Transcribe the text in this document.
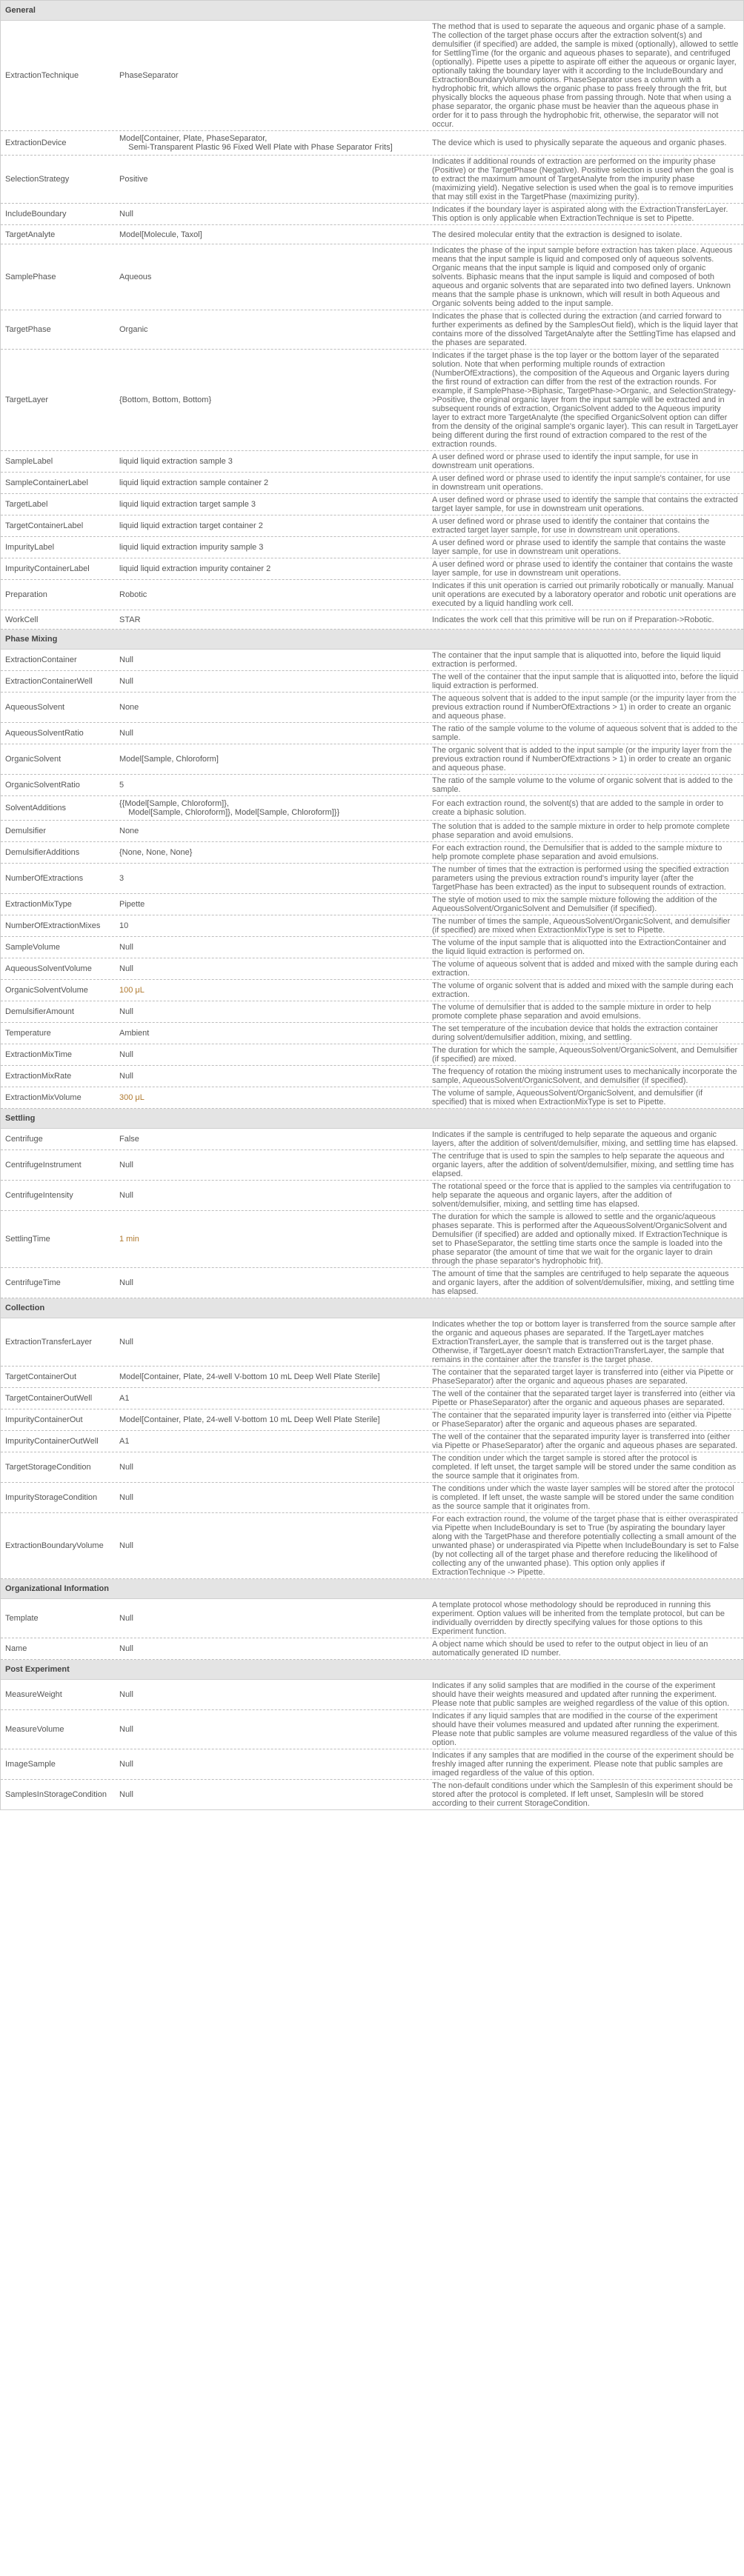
General
ExtractionTechnique	PhaseSeparator
The method that is used to separate the aqueous and organic phase of a sample. The collection of the target phase occurs after the extraction solvent(s) and demulsifier (if specified) are added, the sample is mixed (optionally), allowed to settle for SettlingTime (for the organic and aqueous phases to separate), and centrifuged (optionally). Pipette uses a pipette to aspirate off either the aqueous or organic layer, optionally taking the boundary layer with it according to the IncludeBoundary and ExtractionBoundaryVolume options. PhaseSeparator uses a column with a hydrophobic frit, which allows the organic phase to pass freely through the frit, but physically blocks the aqueous phase from passing through. Note that when using a phase separator, the organic phase must be heavier than the aqueous phase in order for it to pass through the hydrophobic frit, otherwise, the separator will not occur.
ExtractionDevice	Model[Container, Plate, PhaseSeparator,
Semi-Transparent Plastic 96 Fixed Well Plate with Phase Separator Frits]	The device which is used to physically separate the aqueous and organic phases.
SelectionStrategy	Positive
Indicates if additional rounds of extraction are performed on the impurity phase (Positive) or the TargetPhase (Negative). Positive selection is used when the goal is to extract the maximum amount of TargetAnalyte from the impurity phase (maximizing yield). Negative selection is used when the goal is to remove impurities that may still exist in the TargetPhase (maximizing purity).
IncludeBoundary	Null	Indicates if the boundary layer is aspirated along with the ExtractionTransferLayer. This option is only applicable when ExtractionTechnique is set to Pipette.
TargetAnalyte	Model[Molecule, Taxol]	The desired molecular entity that the extraction is designed to isolate.
SamplePhase	Aqueous
Indicates the phase of the input sample before extraction has taken place. Aqueous means that the input sample is liquid and composed only of aqueous solvents. Organic means that the input sample is liquid and composed only of organic solvents. Biphasic means that the input sample is liquid and composed of both aqueous and organic solvents that are separated into two defined layers. Unknown means that the sample phase is unknown, which will result in both Aqueous and Organic solvents being added to the input sample.
TargetPhase	Organic
Indicates the phase that is collected during the extraction (and carried forward to further experiments as defined by the SamplesOut field), which is the liquid layer that contains more of the dissolved TargetAnalyte after the SettlingTime has elapsed and the phases are separated.
TargetLayer	{Bottom, Bottom, Bottom}
Indicates if the target phase is the top layer or the bottom layer of the separated solution. Note that when performing multiple rounds of extraction (NumberOfExtractions), the composition of the Aqueous and Organic layers during the first round of extraction can differ from the rest of the extraction rounds. For example, if SamplePhase->Biphasic, TargetPhase->Organic, and SelectionStrategy->Positive, the original organic layer from the input sample will be extracted and in subsequent rounds of extraction, OrganicSolvent added to the Aqueous impurity layer to extract more TargetAnalyte (the specified OrganicSolvent option can differ from the density of the original sample's organic layer). This can result in TargetLayer being different during the first round of extraction compared to the rest of the extraction rounds.
SampleLabel	liquid liquid extraction sample 3	A user defined word or phrase used to identify the input sample, for use in downstream unit operations.
SampleContainerLabel	liquid liquid extraction sample container 2	A user defined word or phrase used to identify the input sample's container, for use in downstream unit operations.
TargetLabel	liquid liquid extraction target sample 3	A user defined word or phrase used to identify the sample that contains the extracted target layer sample, for use in downstream unit operations.
TargetContainerLabel	liquid liquid extraction target container 2	A user defined word or phrase used to identify the container that contains the extracted target layer sample, for use in downstream unit operations.
ImpurityLabel	liquid liquid extraction impurity sample 3	A user defined word or phrase used to identify the sample that contains the waste layer sample, for use in downstream unit operations.
ImpurityContainerLabel	liquid liquid extraction impurity container 2	A user defined word or phrase used to identify the container that contains the waste layer sample, for use in downstream unit operations.
Preparation	Robotic
Indicates if this unit operation is carried out primarily robotically or manually. Manual unit operations are executed by a laboratory operator and robotic unit operations are executed by a liquid handling work cell.
WorkCell	STAR	Indicates the work cell that this primitive will be run on if Preparation->Robotic.
Phase Mixing
ExtractionContainer	Null	The container that the input sample that is aliquotted into, before the liquid liquid extraction is performed.
ExtractionContainerWell	Null	The well of the container that the input sample that is aliquotted into, before the liquid liquid extraction is performed.
AqueousSolvent	None
The aqueous solvent that is added to the input sample (or the impurity layer from the previous extraction round if NumberOfExtractions > 1) in order to create an organic and aqueous phase.
AqueousSolventRatio	Null	The ratio of the sample volume to the volume of aqueous solvent that is added to the sample.
OrganicSolvent	Model[Sample, Chloroform]
The organic solvent that is added to the input sample (or the impurity layer from the previous extraction round if NumberOfExtractions > 1) in order to create an organic and aqueous phase.
OrganicSolventRatio	5	The ratio of the sample volume to the volume of organic solvent that is added to the sample.
SolventAdditions	{{Model[Sample, Chloroform]},
Model[Sample, Chloroform]}, Model[Sample, Chloroform]}}
For each extraction round, the solvent(s) that are added to the sample in order to create a biphasic solution.
Demulsifier	None	The solution that is added to the sample mixture in order to help promote complete phase separation and avoid emulsions.
DemulsifierAdditions	{None, None, None}	For each extraction round, the Demulsifier that is added to the sample mixture to help promote complete phase separation and avoid emulsions.
NumberOfExtractions	3
The number of times that the extraction is performed using the specified extraction parameters using the previous extraction round's impurity layer (after the TargetPhase has been extracted) as the input to subsequent rounds of extraction.
ExtractionMixType	Pipette	The style of motion used to mix the sample mixture following the addition of the AqueousSolvent/OrganicSolvent and Demulsifier (if specified).
NumberOfExtractionMixes	10	The number of times the sample, AqueousSolvent/OrganicSolvent, and demulsifier (if specified) are mixed when ExtractionMixType is set to Pipette.
SampleVolume	Null	The volume of the input sample that is aliquotted into the ExtractionContainer and the liquid liquid extraction is performed on.
AqueousSolventVolume	Null	The volume of aqueous solvent that is added and mixed with the sample during each extraction.
OrganicSolventVolume	100 μL	The volume of organic solvent that is added and mixed with the sample during each extraction.
DemulsifierAmount	Null	The volume of demulsifier that is added to the sample mixture in order to help promote complete phase separation and avoid emulsions.
Temperature	Ambient	The set temperature of the incubation device that holds the extraction container during solvent/demulsifier addition, mixing, and settling.
ExtractionMixTime	Null	The duration for which the sample, AqueousSolvent/OrganicSolvent, and Demulsifier (if specified) are mixed.
ExtractionMixRate	Null	The frequency of rotation the mixing instrument uses to mechanically incorporate the sample, AqueousSolvent/OrganicSolvent, and demulsifier (if specified).
ExtractionMixVolume	300 μL	The volume of sample, AqueousSolvent/OrganicSolvent, and demulsifier (if specified) that is mixed when ExtractionMixType is set to Pipette.
Settling
Centrifuge	False	Indicates if the sample is centrifuged to help separate the aqueous and organic layers, after the addition of solvent/demulsifier, mixing, and settling time has elapsed.
CentrifugeInstrument	Null
The centrifuge that is used to spin the samples to help separate the aqueous and organic layers, after the addition of solvent/demulsifier, mixing, and settling time has elapsed.
CentrifugeIntensity	Null
The rotational speed or the force that is applied to the samples via centrifugation to help separate the aqueous and organic layers, after the addition of solvent/demulsifier, mixing, and settling time has elapsed.
SettlingTime	1 min
The duration for which the sample is allowed to settle and the organic/aqueous phases separate. This is performed after the AqueousSolvent/OrganicSolvent and Demulsifier (if specified) are added and optionally mixed. If ExtractionTechnique is set to PhaseSeparator, the settling time starts once the sample is loaded into the phase separator (the amount of time that we wait for the organic layer to drain through the phase separator's hydrophobic frit).
CentrifugeTime	Null
The amount of time that the samples are centrifuged to help separate the aqueous and organic layers, after the addition of solvent/demulsifier, mixing, and settling time has elapsed.
Collection
ExtractionTransferLayer	Null
Indicates whether the top or bottom layer is transferred from the source sample after the organic and aqueous phases are separated. If the TargetLayer matches ExtractionTransferLayer, the sample that is transferred out is the target phase. Otherwise, if TargetLayer doesn't match ExtractionTransferLayer, the sample that remains in the container after the transfer is the target phase.
TargetContainerOut	Model[Container, Plate, 24-well V-bottom 10 mL Deep Well Plate Sterile]	The container that the separated target layer is transferred into (either via Pipette or PhaseSeparator) after the organic and aqueous phases are separated.
TargetContainerOutWell	A1	The well of the container that the separated target layer is transferred into (either via Pipette or PhaseSeparator) after the organic and aqueous phases are separated.
ImpurityContainerOut	Model[Container, Plate, 24-well V-bottom 10 mL Deep Well Plate Sterile]	The container that the separated impurity layer is transferred into (either via Pipette or PhaseSeparator) after the organic and aqueous phases are separated.
ImpurityContainerOutWell	A1	The well of the container that the separated impurity layer is transferred into (either via Pipette or PhaseSeparator) after the organic and aqueous phases are separated.
TargetStorageCondition	Null
The condition under which the target sample is stored after the protocol is completed. If left unset, the target sample will be stored under the same condition as the source sample that it originates from.
ImpurityStorageCondition	Null
The conditions under which the waste layer samples will be stored after the protocol is completed. If left unset, the waste sample will be stored under the same condition as the source sample that it originates from.
ExtractionBoundaryVolume	Null
For each extraction round, the volume of the target phase that is either overaspirated via Pipette when IncludeBoundary is set to True (by aspirating the boundary layer along with the TargetPhase and therefore potentially collecting a small amount of the unwanted phase) or underaspirated via Pipette when IncludeBoundary is set to False (by not collecting all of the target phase and therefore reducing the likelihood of collecting any of the unwanted phase). This option only applies if ExtractionTechnique -> Pipette.
Organizational Information
Template	Null
A template protocol whose methodology should be reproduced in running this experiment. Option values will be inherited from the template protocol, but can be individually overridden by directly specifying values for those options to this Experiment function.
Name	Null	A object name which should be used to refer to the output object in lieu of an automatically generated ID number.
Post Experiment
MeasureWeight	Null
Indicates if any solid samples that are modified in the course of the experiment should have their weights measured and updated after running the experiment. Please note that public samples are weighed regardless of the value of this option.
MeasureVolume	Null
Indicates if any liquid samples that are modified in the course of the experiment should have their volumes measured and updated after running the experiment. Please note that public samples are volume measured regardless of the value of this option.
ImageSample	Null
Indicates if any samples that are modified in the course of the experiment should be freshly imaged after running the experiment. Please note that public samples are imaged regardless of the value of this option.
SamplesInStorageCondition	Null
The non-default conditions under which the SamplesIn of this experiment should be stored after the protocol is completed. If left unset, SamplesIn will be stored according to their current StorageCondition.
